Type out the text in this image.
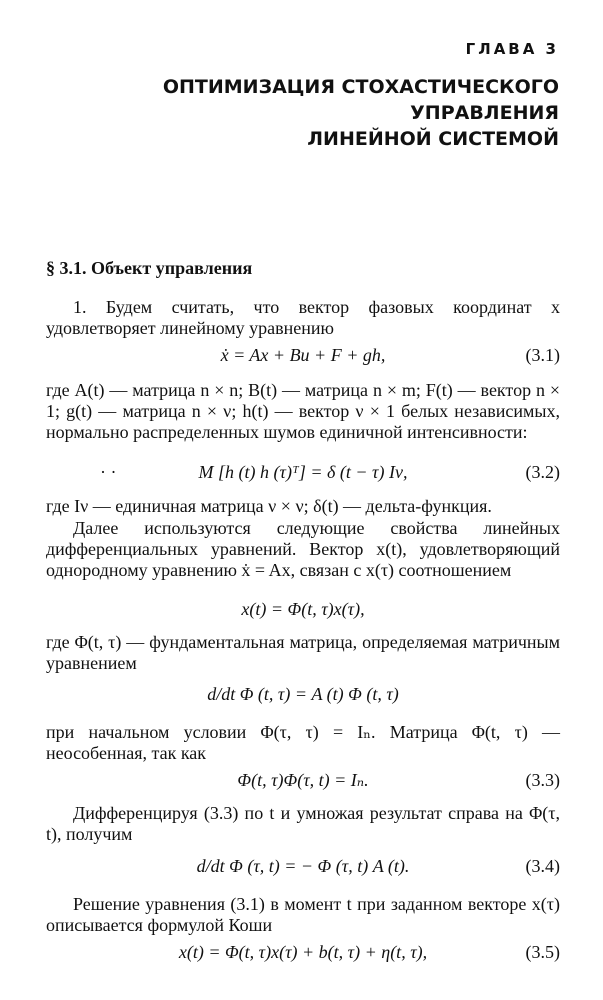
ГЛАВА 3
ОПТИМИЗАЦИЯ СТОХАСТИЧЕСКОГО УПРАВЛЕНИЯ
ЛИНЕЙНОЙ СИСТЕМОЙ
§ 3.1. Объект управления
1. Будем считать, что вектор фазовых координат x удовлетворяет линейному уравнению
ẋ = Ax + Bu + F + gh,	(3.1)
где A(t) — матрица n × n; B(t) — матрица n × m; F(t) — вектор n × 1; g(t) — матрица n × ν; h(t) — вектор ν × 1 белых независимых, нормально распределенных шумов единичной интенсивности:
· ·	M [h (t) h (τ)ᵀ] = δ (t − τ) Iν,	(3.2)
где Iν — единичная матрица ν × ν; δ(t) — дельта-функция.
Далее используются следующие свойства линейных дифференциальных уравнений. Вектор x(t), удовлетворяющий однородному уравнению ẋ = Ax, связан с x(τ) соотношением
x(t) = Φ(t, τ)x(τ),
где Φ(t, τ) — фундаментальная матрица, определяемая матричным уравнением
d/dt Φ (t, τ) = A (t) Φ (t, τ)
при начальном условии Φ(τ, τ) = Iₙ. Матрица Φ(t, τ) — неособенная, так как
Φ(t, τ)Φ(τ, t) = Iₙ.	(3.3)
Дифференцируя (3.3) по t и умножая результат справа на Φ(τ, t), получим
d/dt Φ (τ, t) = − Φ (τ, t) A (t).	(3.4)
Решение уравнения (3.1) в момент t при заданном векторе x(τ) описывается формулой Коши
x(t) = Φ(t, τ)x(τ) + b(t, τ) + η(t, τ),	(3.5)
